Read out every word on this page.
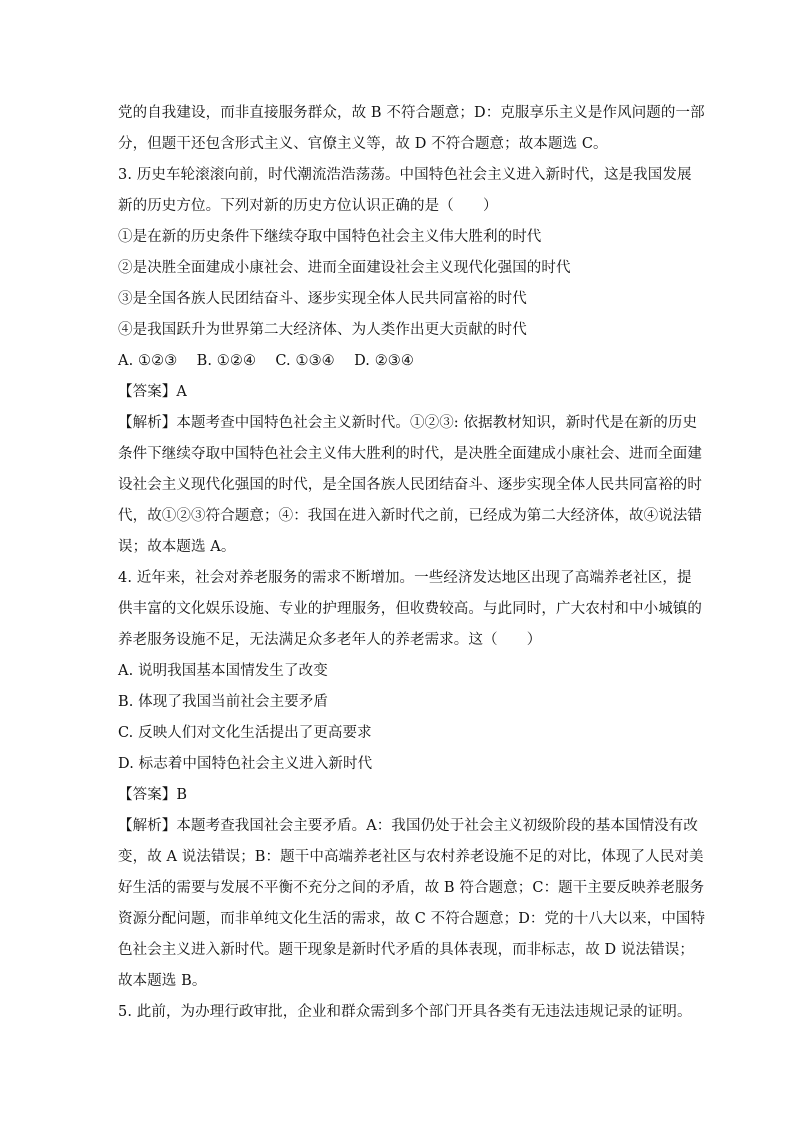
党的自我建设，而非直接服务群众，故 B 不符合题意；D：克服享乐主义是作风问题的一部
分，但题干还包含形式主义、官僚主义等，故 D 不符合题意；故本题选 C。
3. 历史车轮滚滚向前，时代潮流浩浩荡荡。中国特色社会主义进入新时代，这是我国发展
新的历史方位。下列对新的历史方位认识正确的是（　　）
①是在新的历史条件下继续夺取中国特色社会主义伟大胜利的时代
②是决胜全面建成小康社会、进而全面建设社会主义现代化强国的时代
③是全国各族人民团结奋斗、逐步实现全体人民共同富裕的时代
④是我国跃升为世界第二大经济体、为人类作出更大贡献的时代
A. ①②③　 B. ①②④　 C. ①③④　 D. ②③④
【答案】A
【解析】本题考查中国特色社会主义新时代。①②③: 依据教材知识，新时代是在新的历史
条件下继续夺取中国特色社会主义伟大胜利的时代，是决胜全面建成小康社会、进而全面建
设社会主义现代化强国的时代，是全国各族人民团结奋斗、逐步实现全体人民共同富裕的时
代，故①②③符合题意；④：我国在进入新时代之前，已经成为第二大经济体，故④说法错
误；故本题选 A。
4. 近年来，社会对养老服务的需求不断增加。一些经济发达地区出现了高端养老社区，提
供丰富的文化娱乐设施、专业的护理服务，但收费较高。与此同时，广大农村和中小城镇的
养老服务设施不足，无法满足众多老年人的养老需求。这（　　）
A. 说明我国基本国情发生了改变
B. 体现了我国当前社会主要矛盾
C. 反映人们对文化生活提出了更高要求
D. 标志着中国特色社会主义进入新时代
【答案】B
【解析】本题考查我国社会主要矛盾。A：我国仍处于社会主义初级阶段的基本国情没有改
变，故 A 说法错误；B：题干中高端养老社区与农村养老设施不足的对比，体现了人民对美
好生活的需要与发展不平衡不充分之间的矛盾，故 B 符合题意；C：题干主要反映养老服务
资源分配问题，而非单纯文化生活的需求，故 C 不符合题意；D：党的十八大以来，中国特
色社会主义进入新时代。题干现象是新时代矛盾的具体表现，而非标志，故 D 说法错误；
故本题选 B。
5. 此前，为办理行政审批，企业和群众需到多个部门开具各类有无违法违规记录的证明。
